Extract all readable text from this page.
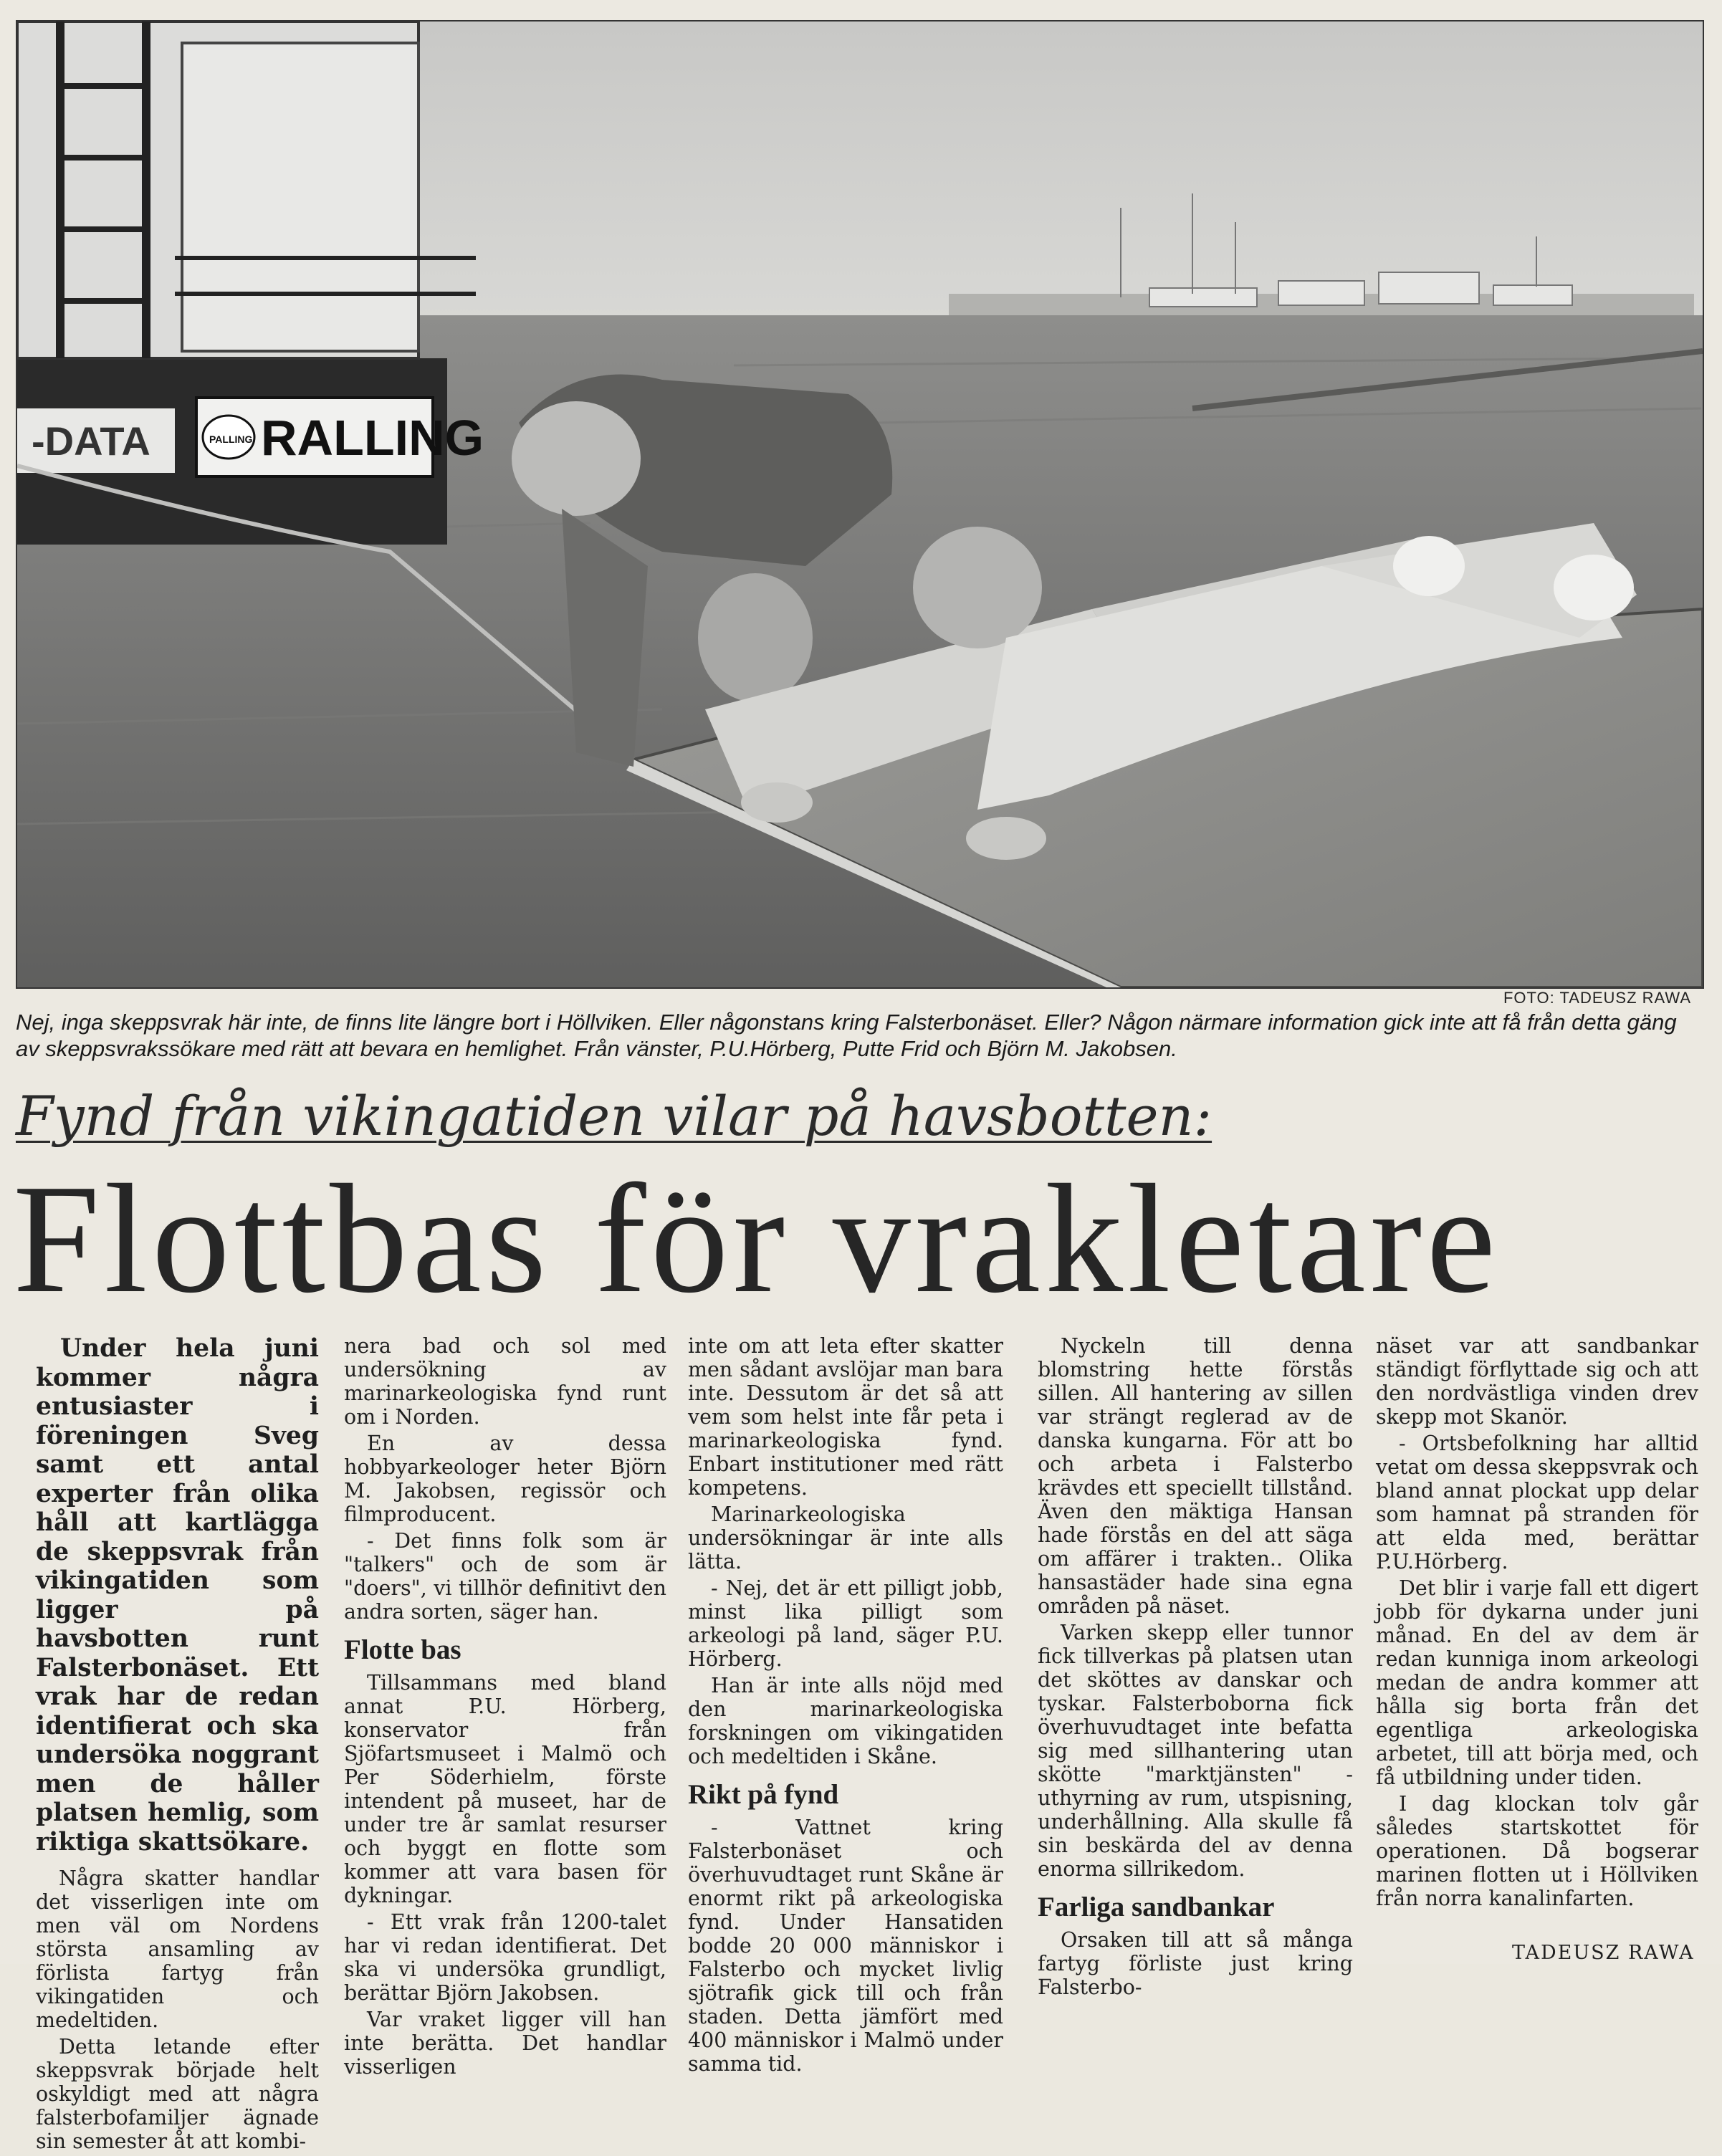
-DATA	PALLING RALLING
FOTO: TADEUSZ RAWA
Nej, inga skeppsvrak här inte, de finns lite längre bort i Höllviken. Eller någonstans kring Falsterbonäset. Eller? Någon närmare information gick inte att få från detta gäng av skeppsvrakssökare med rätt att bevara en hemlighet. Från vänster, P.U.Hörberg, Putte Frid och Björn M. Jakobsen.
Fynd från vikingatiden vilar på havsbotten:
Flottbas för vrakletare

Under hela juni kommer några entusiaster i föreningen Sveg samt ett antal experter från olika håll att kartlägga de skeppsvrak från vikingatiden som ligger på havsbotten runt Falsterbonäset. Ett vrak har de redan identifierat och ska undersöka noggrant men de håller platsen hemlig, som riktiga skattsökare.

Några skatter handlar det visserligen inte om men väl om Nordens största ansamling av förlista fartyg från vikingatiden och medeltiden.

Detta letande efter skeppsvrak började helt oskyldigt med att några falsterbofamiljer ägnade sin semester åt att kombi-

nera bad och sol med undersökning av marinarkeologiska fynd runt om i Norden.

En av dessa hobbyarkeologer heter Björn M. Jakobsen, regissör och filmproducent.

- Det finns folk som är "talkers" och de som är "doers", vi tillhör definitivt den andra sorten, säger han.

Flotte bas

Tillsammans med bland annat P.U. Hörberg, konservator från Sjöfartsmuseet i Malmö och Per Söderhielm, förste intendent på museet, har de under tre år samlat resurser och byggt en flotte som kommer att vara basen för dykningar.

- Ett vrak från 1200-talet har vi redan identifierat. Det ska vi undersöka grundligt, berättar Björn Jakobsen.

Var vraket ligger vill han inte berätta. Det handlar visserligen

inte om att leta efter skatter men sådant avslöjar man bara inte. Dessutom är det så att vem som helst inte får peta i marinarkeologiska fynd. Enbart institutioner med rätt kompetens.

Marinarkeologiska undersökningar är inte alls lätta.

- Nej, det är ett pilligt jobb, minst lika pilligt som arkeologi på land, säger P.U. Hörberg.

Han är inte alls nöjd med den marinarkeologiska forskningen om vikingatiden och medeltiden i Skåne.

Rikt på fynd

- Vattnet kring Falsterbonäset och överhuvudtaget runt Skåne är enormt rikt på arkeologiska fynd. Under Hansatiden bodde 20 000 människor i Falsterbo och mycket livlig sjötrafik gick till och från staden. Detta jämfört med 400 människor i Malmö under samma tid.

Nyckeln till denna blomstring hette förstås sillen. All hantering av sillen var strängt reglerad av de danska kungarna. För att bo och arbeta i Falsterbo krävdes ett speciellt tillstånd. Även den mäktiga Hansan hade förstås en del att säga om affärer i trakten.. Olika hansastäder hade sina egna områden på näset.

Varken skepp eller tunnor fick tillverkas på platsen utan det sköttes av danskar och tyskar. Falsterboborna fick överhuvudtaget inte befatta sig med sillhantering utan skötte "marktjänsten" - uthyrning av rum, utspisning, underhållning. Alla skulle få sin beskärda del av denna enorma sillrikedom.

Farliga sandbankar

Orsaken till att så många fartyg förliste just kring Falsterbo-

näset var att sandbankar ständigt förflyttade sig och att den nordvästliga vinden drev skepp mot Skanör.

- Ortsbefolkning har alltid vetat om dessa skeppsvrak och bland annat plockat upp delar som hamnat på stranden för att elda med, berättar P.U.Hörberg.

Det blir i varje fall ett digert jobb för dykarna under juni månad. En del av dem är redan kunniga inom arkeologi medan de andra kommer att hålla sig borta från det egentliga arkeologiska arbetet, till att börja med, och få utbildning under tiden.

I dag klockan tolv går således startskottet för operationen. Då bogserar marinen flotten ut i Höllviken från norra kanalinfarten.

TADEUSZ RAWA
